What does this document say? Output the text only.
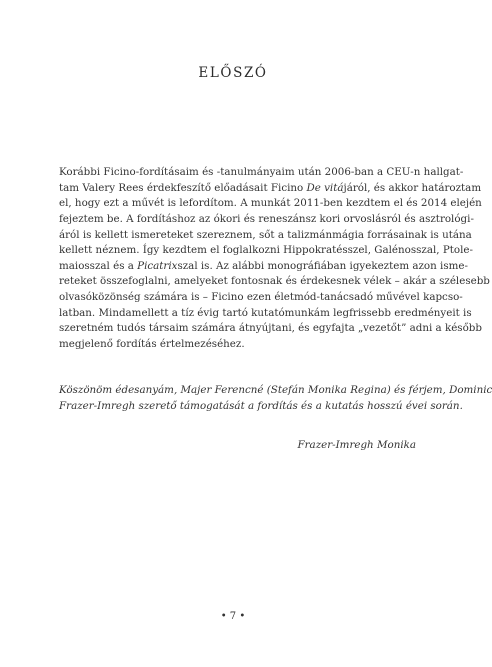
ELŐSZÓ
Korábbi Ficino-fordításaim és -tanulmányaim után 2006-ban a CEU-n hallgat-
tam Valery Rees érdekfeszítő előadásait Ficino De vitájáról, és akkor határoztam
el, hogy ezt a művét is lefordítom. A munkát 2011-ben kezdtem el és 2014 elején
fejeztem be. A fordításhoz az ókori és reneszánsz kori orvoslásról és asztrológi-
áról is kellett ismereteket szereznem, sőt a talizmánmágia forrásainak is utána
kellett néznem. Így kezdtem el foglalkozni Hippokratésszel, Galénosszal, Ptole-
maiosszal és a Picatrixszal is. Az alábbi monográfiában igyekeztem azon isme-
reteket összefoglalni, amelyeket fontosnak és érdekesnek vélek – akár a szélesebb
olvasóközönség számára is – Ficino ezen életmód-tanácsadó művével kapcso-
latban. Mindamellett a tíz évig tartó kutatómunkám legfrissebb eredményeit is
szeretném tudós társaim számára átnyújtani, és egyfajta „vezetőt” adni a később
megjelenő fordítás értelmezéséhez.
Köszönöm édesanyám, Majer Ferencné (Stefán Monika Regina) és férjem, Dominic
Frazer-Imregh szerető támogatását a fordítás és a kutatás hosszú évei során.
Frazer-Imregh Monika
• 7 •
